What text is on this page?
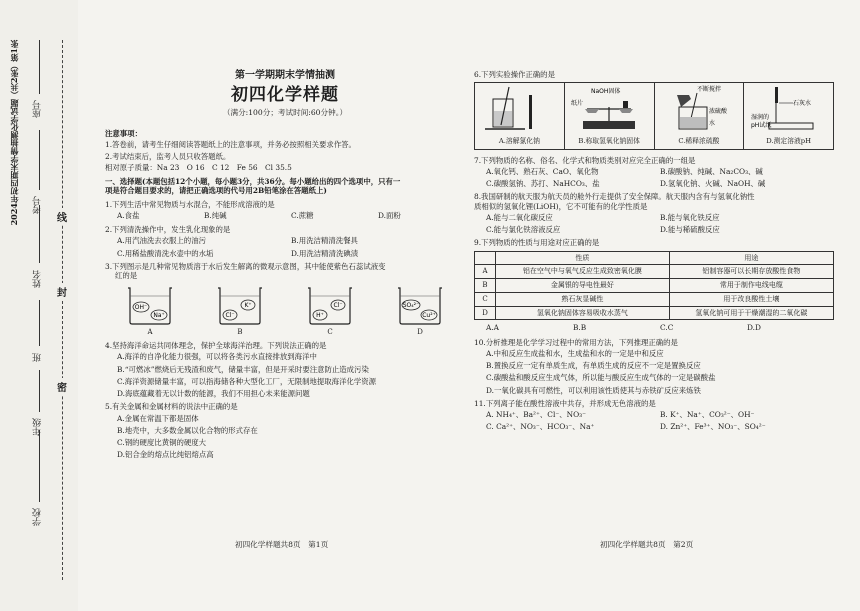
2024年初四期末学情抽测化学试题（共2张）第1张
密
封
线
学校
年级
班
姓名
考号
座号
第一学期期末学情抽测
初四化学样题
（满分:100分；考试时间:60分钟。）
注意事项：
1.答卷前，请考生仔细阅读答题纸上的注意事项，并务必按照相关要求作答。
2.考试结束后，监考人员只收答题纸。
相对原子质量：Na 23　O 16　C 12　Fe 56　Cl 35.5
一、选择题(本题包括12个小题，每小题3分，共36分。每小题给出的四个选项中，只有一
项是符合题目要求的，请把正确选项的代号用2B铅笔涂在答题纸上)
1.下列生活中常见物质与水混合，不能形成溶液的是
A.食盐	B.纯碱	C.蔗糖	D.面粉
2.下列清洗操作中，发生乳化现象的是
A.用汽油洗去衣服上的油污	B.用洗洁精清洗餐具
C.用稀盐酸清洗水壶中的水垢	D.用洗洁精清洗碘渍
3.下列图示是几种常见物质溶于水后发生解离的微观示意图，其中能使紫色石蕊试液变
红的是
OH⁻
Na⁺
A
K⁺
Cl⁻
B
Cl⁻
H⁺
C
SO₄²⁻
Cu²⁺
D
4.坚持海洋命运共同体理念，保护全球海洋治理。下列说法正确的是
A.海洋的自净化能力很强，可以将各类污水直接排放到海洋中
B.“可燃冰”燃烧后无残渣和废气，储量丰富，但是开采时要注意防止造成污染
C.海洋资源储量丰富，可以指海储各种大型化工厂，无限制地提取海洋化学资源
D.海底蕴藏着无以计数的能源，我们不用担心未来能源问题
5.有关金属和金属材料的说法中正确的是
A.金属在常温下都是固体
B.地壳中，大多数金属以化合物的形式存在
C.钢的硬度比黄铜的硬度大
D.铝合金的熔点比纯铝熔点高
初四化学样题共8页　第1页
6.下列实验操作正确的是
A.溶解氯化钠
NaOH固体
纸片
B.称取氢氧化钠固体
不断搅拌
浓硫酸
水
C.稀释浓硫酸
石灰水
湿润的
pH试纸
D.测定溶液pH
7.下列物质的名称、俗名、化学式和物质类别对应完全正确的一组是
A.氧化钙、熟石灰、CaO、氧化物	B.碳酸钠、纯碱、Na₂CO₃、碱
C.碳酸氢钠、苏打、NaHCO₃、盐	D.氢氧化钠、火碱、NaOH、碱
8.我国研制的航天服为航天员的舱外行走提供了安全保障。航天服内含有与氢氧化钠性
质相似的氢氧化锂(LiOH)，它不可能有的化学性质是
A.能与二氧化碳反应	B.能与氧化铁反应
C.能与氯化铁溶液反应	D.能与稀硫酸反应
9.下列物质的性质与用途对应正确的是
	性质	用途
A	铝在空气中与氧气反应生成致密氧化膜	铝制容器可以长期存放酸性食物
B	金属银的导电性最好	常用于制作电线电缆
C	熟石灰显碱性	用于改良酸性土壤
D	氢氧化钠固体容易吸收水蒸气	氢氧化钠可用于干燥潮湿的二氧化碳
A.A	B.B	C.C	D.D
10.分析推理是化学学习过程中的常用方法，下列推理正确的是
A.中和反应生成盐和水，生成盐和水的一定是中和反应
B.置换反应一定有单质生成，有单质生成的反应不一定是置换反应
C.碳酸盐和酸反应生成气体，所以能与酸反应生成气体的一定是碳酸盐
D.一氧化碳具有可燃性，可以利用该性质使其与赤铁矿反应来炼铁
11.下列离子能在酸性溶液中共存，并形成无色溶液的是
A. NH₄⁺、Ba²⁺、Cl⁻、NO₃⁻	B. K⁺、Na⁺、CO₃²⁻、OH⁻
C. Ca²⁺、NO₃⁻、HCO₃⁻、Na⁺	D. Zn²⁺、Fe³⁺、NO₃⁻、SO₄²⁻
初四化学样题共8页　第2页
